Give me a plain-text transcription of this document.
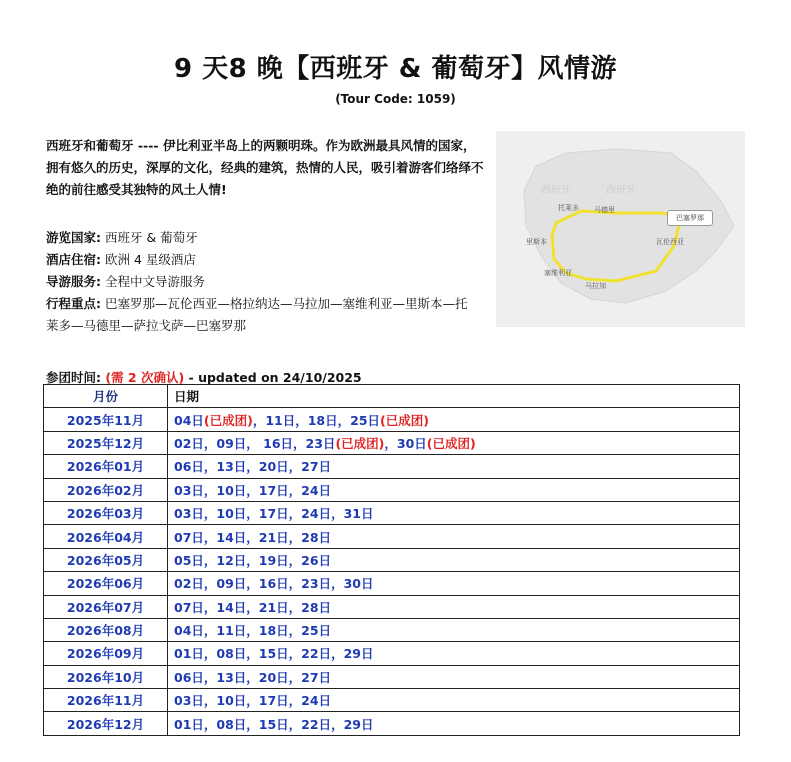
9 天8 晚【西班牙 & 葡萄牙】风情游
(Tour Code: 1059)
西班牙和葡萄牙 ---- 伊比利亚半岛上的两颗明珠。作为欧洲最具风情的国家，拥有悠久的历史，深厚的文化，经典的建筑，热情的人民，吸引着游客们络绎不绝的前往感受其独特的风土人情!
游览国家: 西班牙 & 葡萄牙
酒店住宿: 欧洲 4 星级酒店
导游服务: 全程中文导游服务
行程重点: 巴塞罗那—瓦伦西亚—格拉纳达—马拉加—塞维利亚—里斯本—托莱多—马德里—萨拉戈萨—巴塞罗那
西班牙	西班牙
托莱多 马德里
巴塞罗那
里斯本	瓦伦西亚
塞维利亚
马拉加
参团时间: (需 2 次确认) - updated on 24/10/2025
月份	日期
2025年11月	04日(已成团)，11日，18日，25日(已成团)
2025年12月	02日，09日， 16日，23日(已成团)，30日(已成团)
2026年01月	06日，13日，20日，27日
2026年02月	03日，10日，17日，24日
2026年03月	03日，10日，17日，24日，31日
2026年04月	07日，14日，21日，28日
2026年05月	05日，12日，19日，26日
2026年06月	02日，09日，16日，23日，30日
2026年07月	07日，14日，21日，28日
2026年08月	04日，11日，18日，25日
2026年09月	01日，08日，15日，22日，29日
2026年10月	06日，13日，20日，27日
2026年11月	03日，10日，17日，24日
2026年12月	01日，08日，15日，22日，29日
